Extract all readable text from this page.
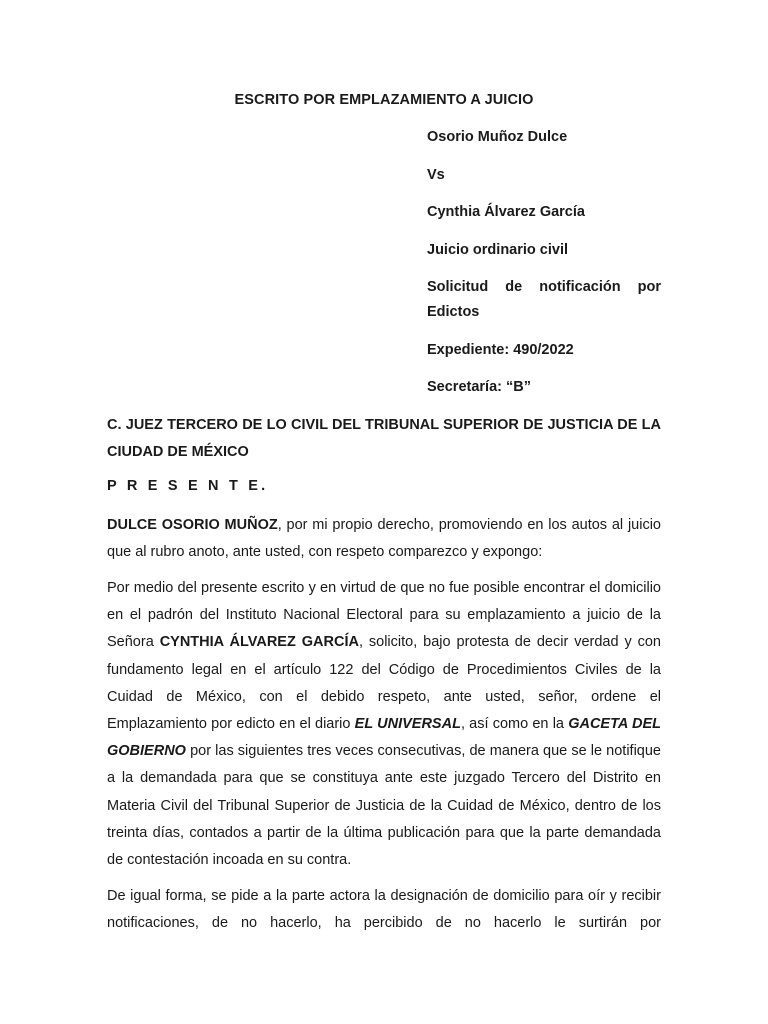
ESCRITO POR EMPLAZAMIENTO A JUICIO
Osorio Muñoz Dulce
Vs
Cynthia Álvarez García
Juicio ordinario civil
Solicitud de notificación por
Edictos
Expediente: 490/2022
Secretaría: “B”
C. JUEZ TERCERO DE LO CIVIL DEL TRIBUNAL SUPERIOR DE JUSTICIA DE LA CIUDAD DE MÉXICO
P R E S E N T E.
DULCE OSORIO MUÑOZ, por mi propio derecho, promoviendo en los autos al juicio que al rubro anoto, ante usted, con respeto comparezco y expongo:
Por medio del presente escrito y en virtud de que no fue posible encontrar el domicilio en el padrón del Instituto Nacional Electoral para su emplazamiento a juicio de la Señora CYNTHIA ÁLVAREZ GARCÍA, solicito, bajo protesta de decir verdad y con fundamento legal en el artículo 122 del Código de Procedimientos Civiles de la Cuidad de México, con el debido respeto, ante usted, señor, ordene el Emplazamiento por edicto en el diario EL UNIVERSAL, así como en la GACETA DEL GOBIERNO por las siguientes tres veces consecutivas, de manera que se le notifique a la demandada para que se constituya ante este juzgado Tercero del Distrito en Materia Civil del Tribunal Superior de Justicia de la Cuidad de México, dentro de los treinta días, contados a partir de la última publicación para que la parte demandada de contestación incoada en su contra.
De igual forma, se pide a la parte actora la designación de domicilio para oír y recibir notificaciones, de no hacerlo, ha percibido de no hacerlo le surtirán por
